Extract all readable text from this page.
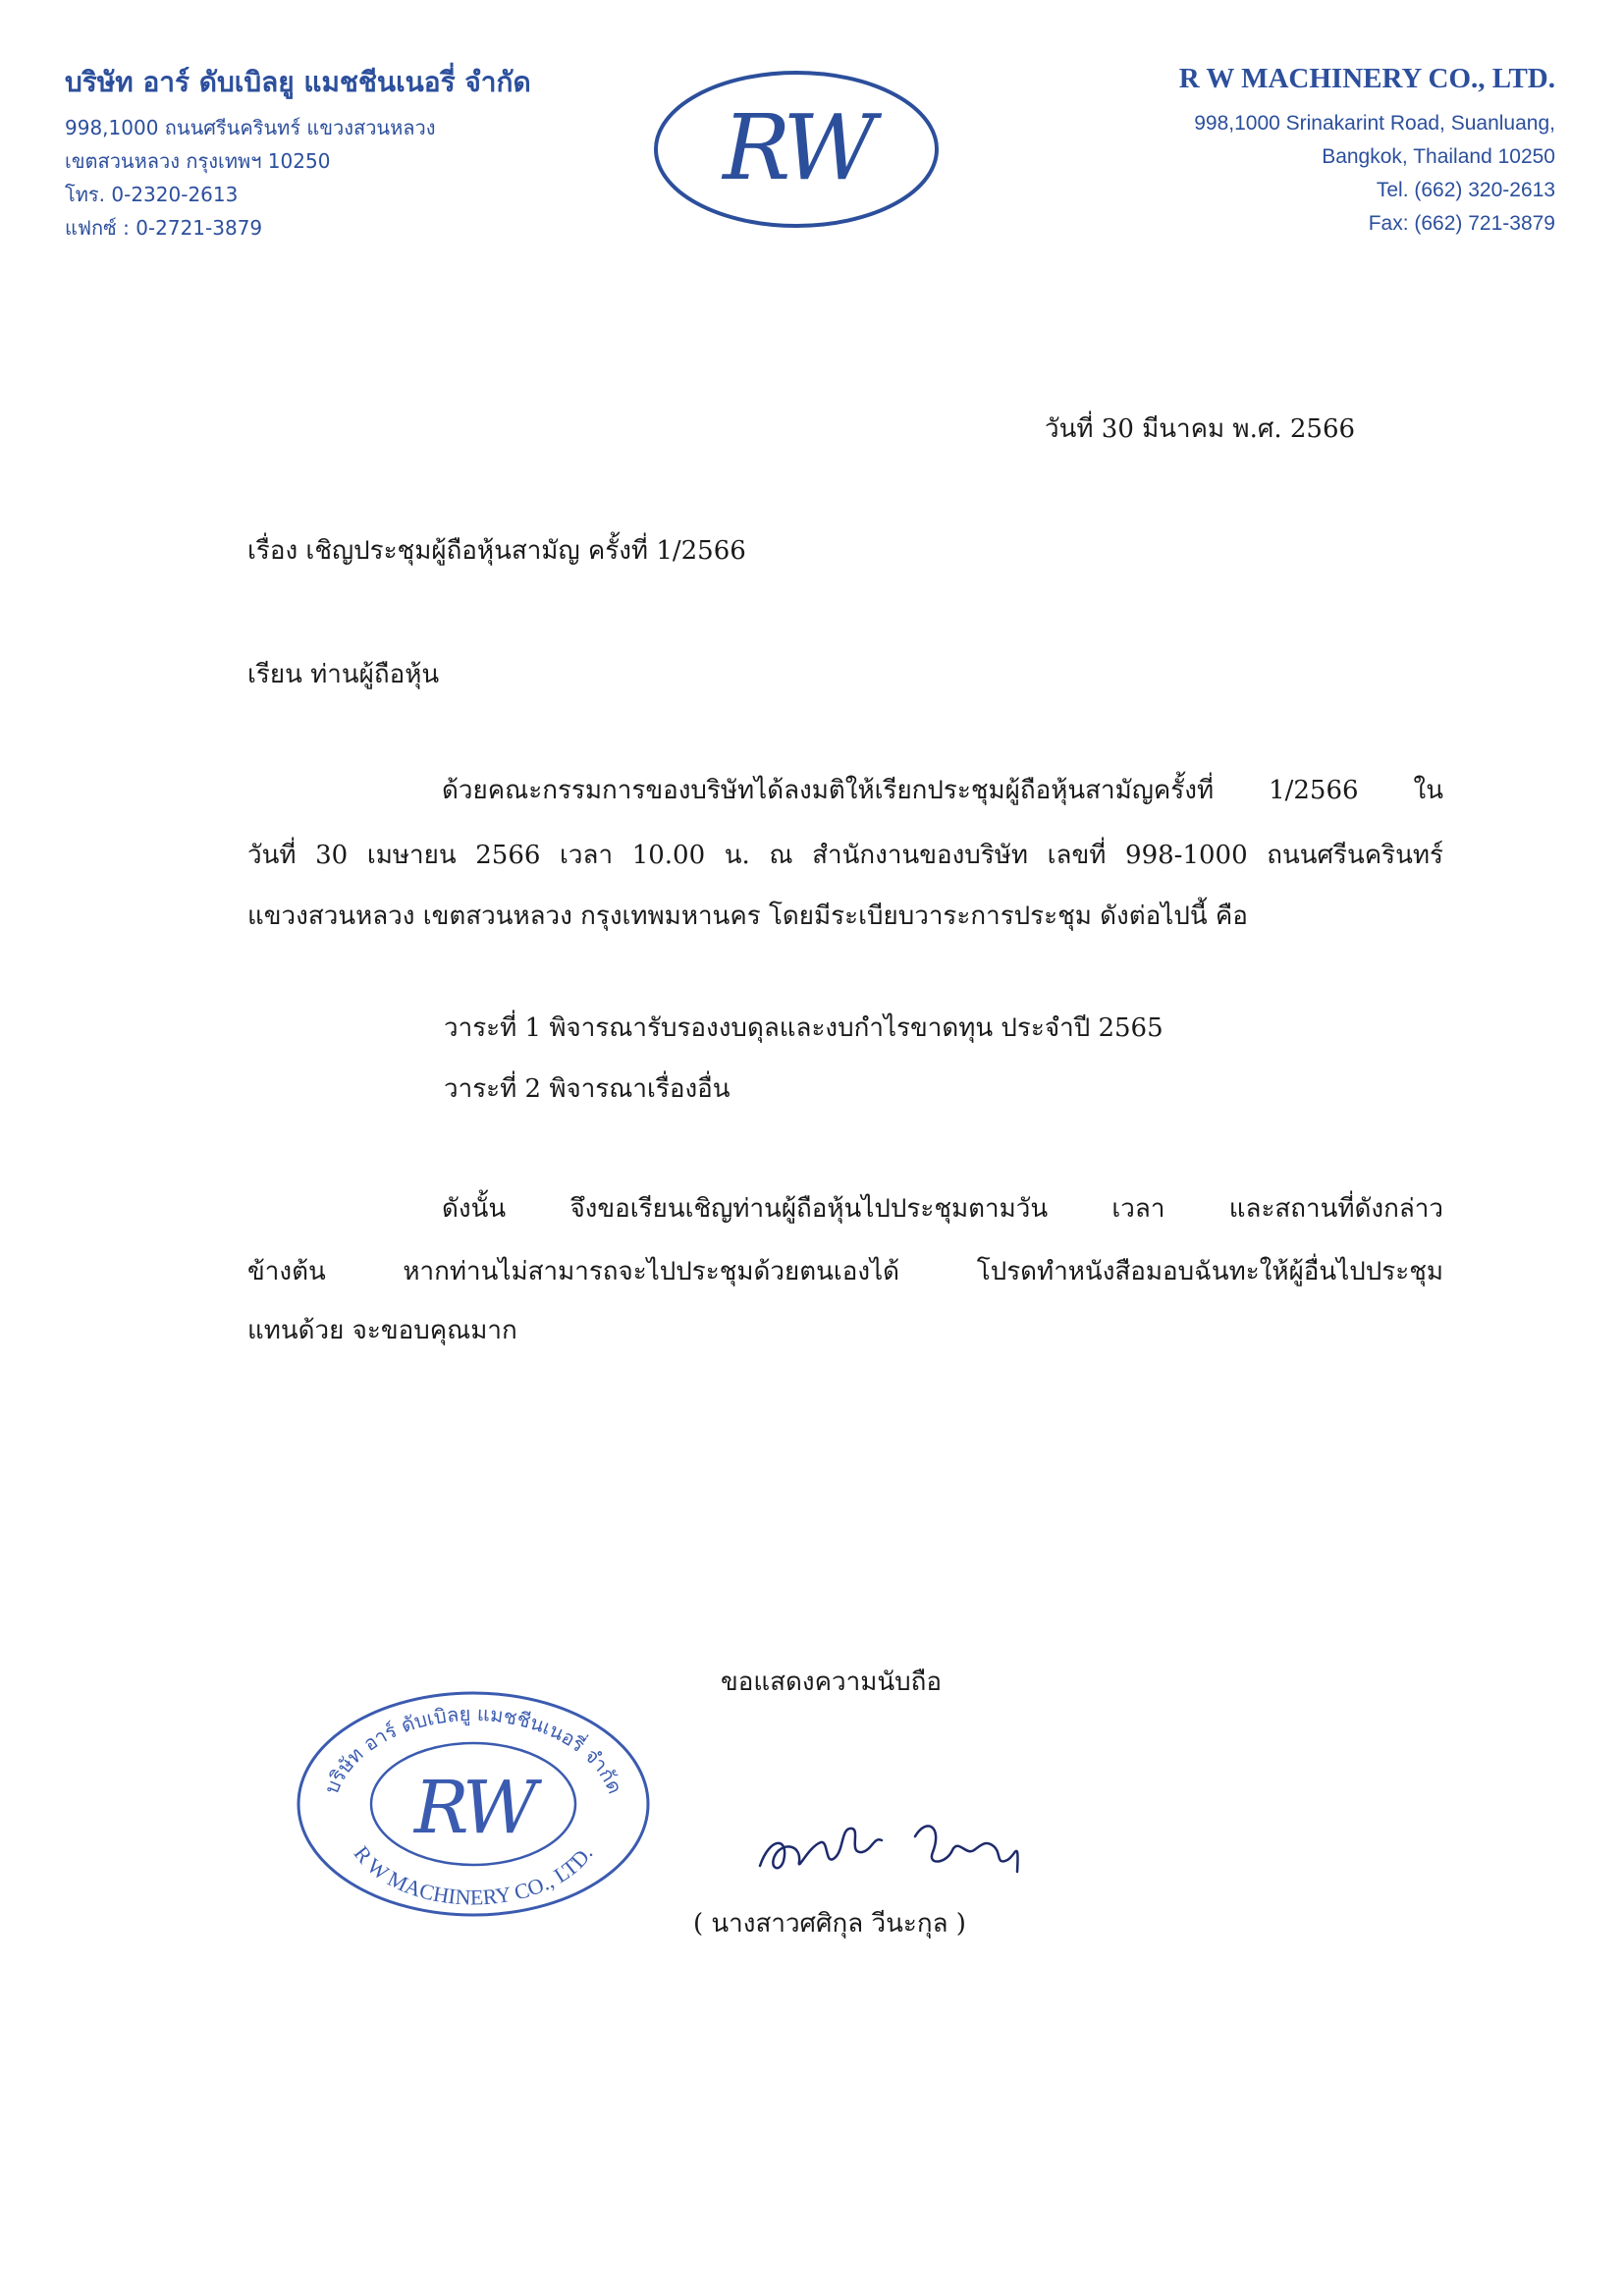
บริษัท อาร์ ดับเบิลยู แมชชีนเนอรี่ จำกัด
998,1000 ถนนศรีนครินทร์ แขวงสวนหลวง
เขตสวนหลวง กรุงเทพฯ 10250
โทร. 0-2320-2613
แฟกซ์ : 0-2721-3879
RW
R W MACHINERY CO., LTD.
998,1000 Srinakarint Road, Suanluang,
Bangkok, Thailand 10250
Tel. (662) 320-2613
Fax: (662) 721-3879
วันที่ 30 มีนาคม พ.ศ. 2566
เรื่อง เชิญประชุมผู้ถือหุ้นสามัญ ครั้งที่ 1/2566
เรียน ท่านผู้ถือหุ้น
ด้วยคณะกรรมการของบริษัทได้ลงมติให้เรียกประชุมผู้ถือหุ้นสามัญครั้งที่ 1/2566 ใน
วันที่ 30 เมษายน 2566 เวลา 10.00 น. ณ สำนักงานของบริษัท เลขที่ 998-1000 ถนนศรีนครินทร์
แขวงสวนหลวง เขตสวนหลวง กรุงเทพมหานคร โดยมีระเบียบวาระการประชุม ดังต่อไปนี้ คือ
วาระที่ 1 พิจารณารับรองงบดุลและงบกำไรขาดทุน ประจำปี 2565
วาระที่ 2 พิจารณาเรื่องอื่น
ดังนั้น จึงขอเรียนเชิญท่านผู้ถือหุ้นไปประชุมตามวัน เวลา และสถานที่ดังกล่าว
ข้างต้น หากท่านไม่สามารถจะไปประชุมด้วยตนเองได้ โปรดทำหนังสือมอบฉันทะให้ผู้อื่นไปประชุม
แทนด้วย จะขอบคุณมาก
ขอแสดงความนับถือ
บริษัท อาร์ ดับเบิลยู แมชชีนเนอรี่ จำกัด
R W MACHINERY CO., LTD.
RW
( นางสาวศศิกุล วีนะกุล )
